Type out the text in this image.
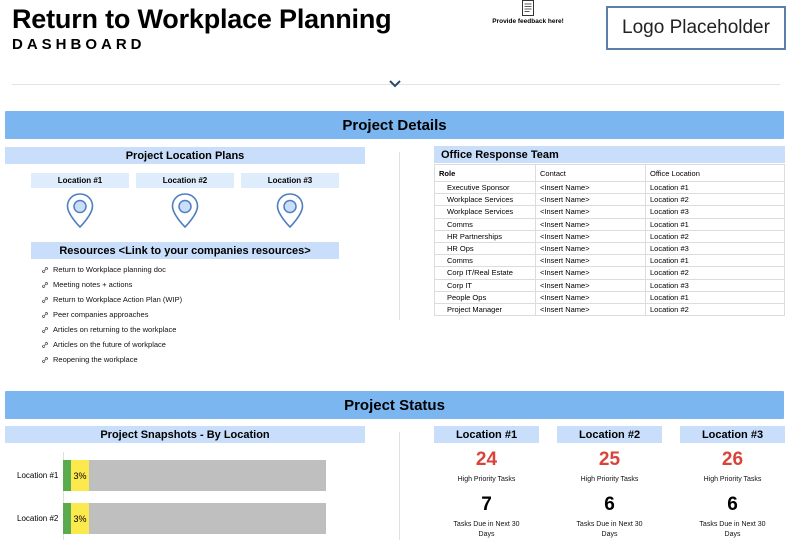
Return to Workplace Planning
DASHBOARD
Provide feedback here!	Logo Placeholder
Project Details
Project Location Plans
Location #1	Location #2	Location #3
Resources <Link to your companies resources>
Return to Workplace planning doc
Meeting notes + actions
Return to Workplace Action Plan (WIP)
Peer companies approaches
Articles on returning to the workplace
Articles on the future of workplace
Reopening the workplace
Office Response Team
Role	Contact	Office Location
Executive Sponsor	<Insert Name>	Location #1
Workplace Services	<Insert Name>	Location #2
Workplace Services	<Insert Name>	Location #3
Comms	<Insert Name>	Location #1
HR Partnerships	<Insert Name>	Location #2
HR Ops	<Insert Name>	Location #3
Comms	<Insert Name>	Location #1
Corp IT/Real Estate	<Insert Name>	Location #2
Corp IT	<Insert Name>	Location #3
People Ops	<Insert Name>	Location #1
Project Manager	<Insert Name>	Location #2
Project Status
Project Snapshots - By Location
Location #1 3%
Location #2 3%
Location #1
24
High Priority Tasks
7
Tasks Due in Next 30 Days
Location #2
25
High Priority Tasks
6
Tasks Due in Next 30 Days
Location #3
26
High Priority Tasks
6
Tasks Due in Next 30 Days
